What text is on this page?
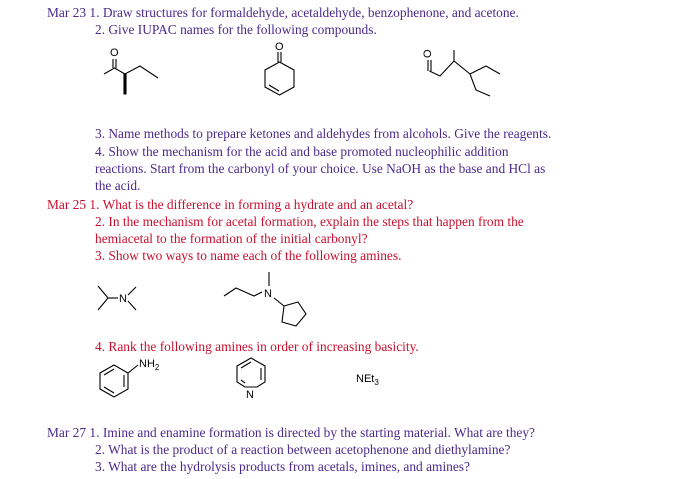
Mar 23 1. Draw structures for formaldehyde, acetaldehyde, benzophenone, and acetone.
2. Give IUPAC names for the following compounds.
O	O
O
3. Name methods to prepare ketones and aldehydes from alcohols. Give the reagents.
4. Show the mechanism for the acid and base promoted nucleophilic addition
reactions. Start from the carbonyl of your choice. Use NaOH as the base and HCl as
the acid.
Mar 25 1. What is the difference in forming a hydrate and an acetal?
2. In the mechanism for acetal formation, explain the steps that happen from the
hemiacetal to the formation of the initial carbonyl?
3. Show two ways to name each of the following amines.
N	N
4. Rank the following amines in order of increasing basicity.
$NH_2$
N
NEt$_3$
Mar 27 1. Imine and enamine formation is directed by the starting material. What are they?
2. What is the product of a reaction between acetophenone and diethylamine?
3. What are the hydrolysis products from acetals, imines, and amines?
